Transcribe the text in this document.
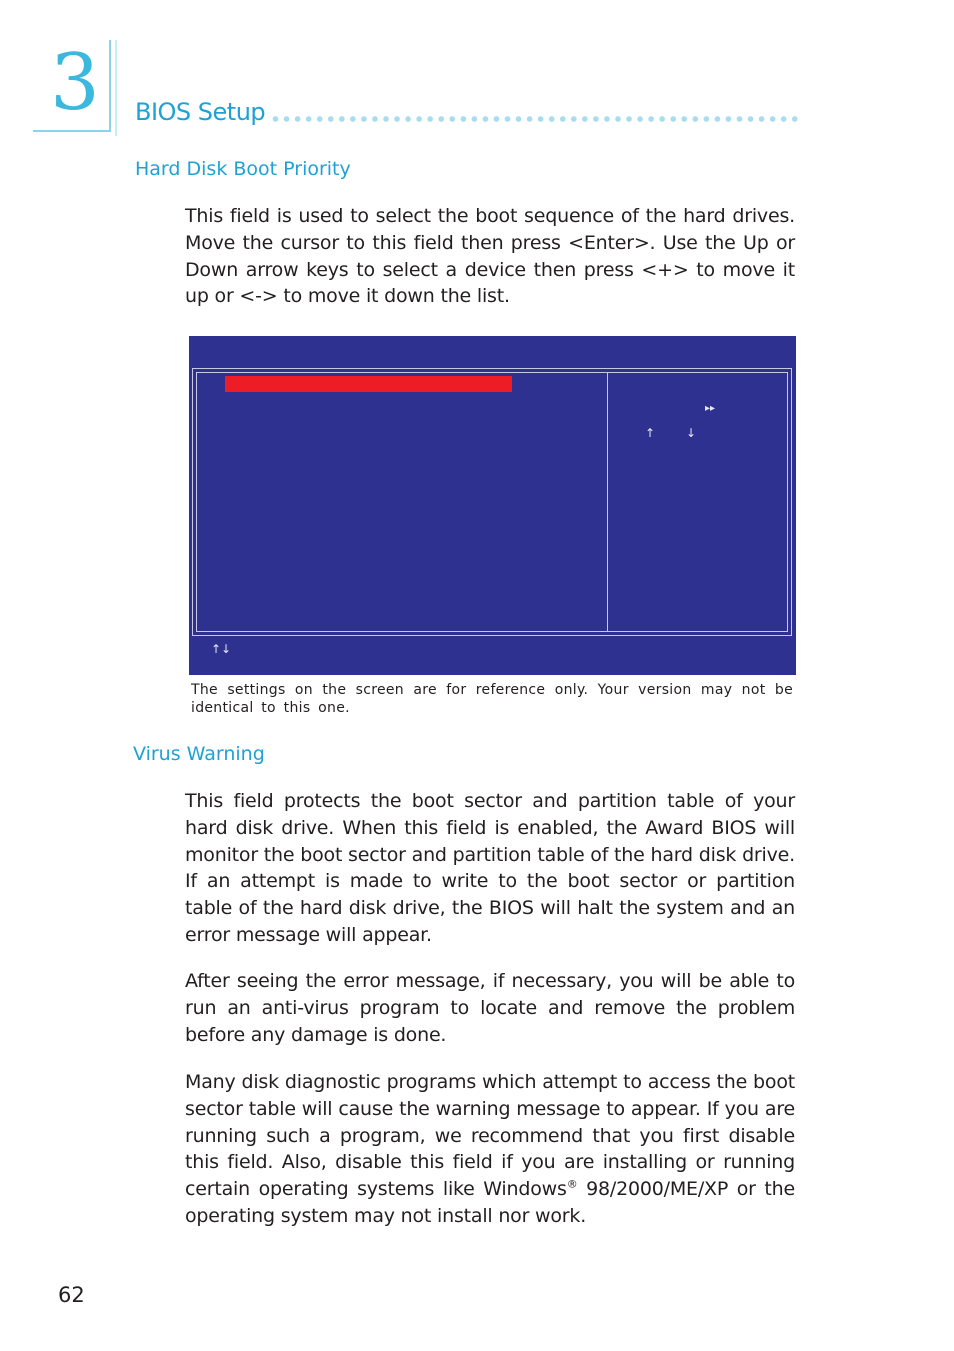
3 BIOS Setup
Hard Disk Boot Priority
This field is used to select the boot sequence of the hard drives. Move the cursor to this field then press <Enter>. Use the Up or Down arrow keys to select a device then press <+> to move it up or <-> to move it down the list.
▸▸
↑	↓
↑↓
The settings on the screen are for reference only. Your version may not be identical to this one.
Virus Warning
This field protects the boot sector and partition table of your hard disk drive. When this field is enabled, the Award BIOS will monitor the boot sector and partition table of the hard disk drive. If an attempt is made to write to the boot sector or partition table of the hard disk drive, the BIOS will halt the system and an error message will appear.
After seeing the error message, if necessary, you will be able to run an anti-virus program to locate and remove the problem before any damage is done.
Many disk diagnostic programs which attempt to access the boot sector table will cause the warning message to appear. If you are running such a program, we recommend that you first disable this field. Also, disable this field if you are installing or running certain operating systems like Windows® 98/2000/ME/XP or the operating system may not install nor work.
62
